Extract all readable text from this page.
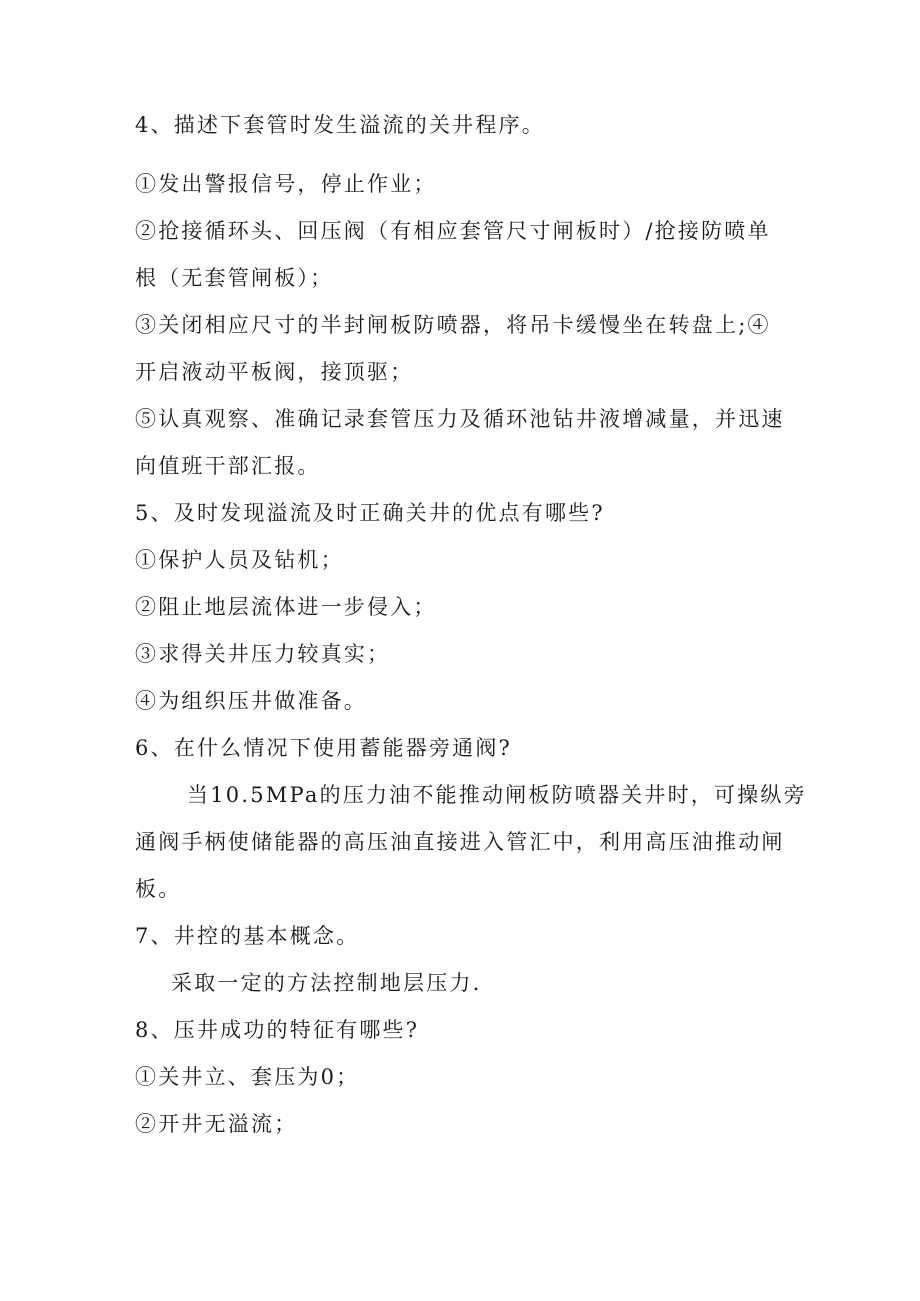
4、描述下套管时发生溢流的关井程序。
①发出警报信号，停止作业；
②抢接循环头、回压阀（有相应套管尺寸闸板时）/抢接防喷单
根（无套管闸板）；
③关闭相应尺寸的半封闸板防喷器，将吊卡缓慢坐在转盘上;④
开启液动平板阀，接顶驱；
⑤认真观察、准确记录套管压力及循环池钻井液增减量，并迅速
向值班干部汇报。
5、及时发现溢流及时正确关井的优点有哪些?
①保护人员及钻机；
②阻止地层流体进一步侵入；
③求得关井压力较真实；
④为组织压井做准备。
6、在什么情况下使用蓄能器旁通阀?
当10.5MPa的压力油不能推动闸板防喷器关井时，可操纵旁
通阀手柄使储能器的高压油直接进入管汇中，利用高压油推动闸
板。
7、井控的基本概念。
采取一定的方法控制地层压力.
8、压井成功的特征有哪些?
①关井立、套压为0；
②开井无溢流；
